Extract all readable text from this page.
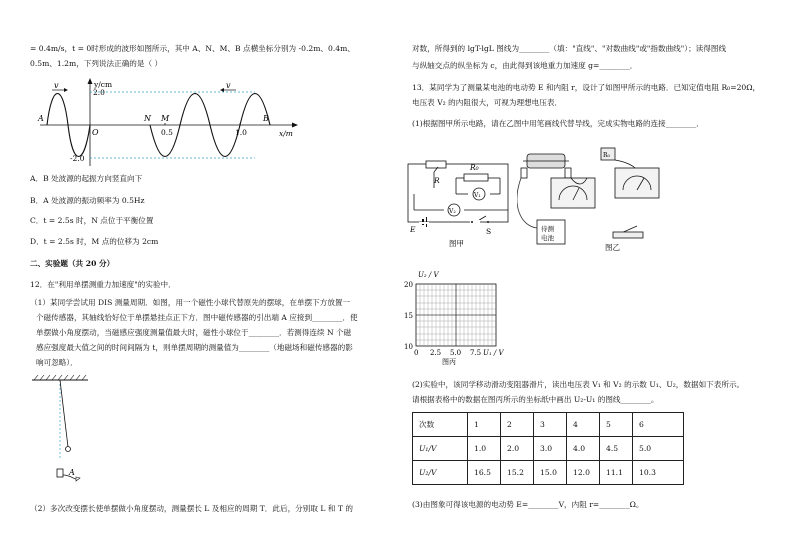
= 0.4m/s，t = 0时形成的波形如图所示，其中 A、N、M、B 点横坐标分别为 -0.2m、0.4m、
0.5m、1.2m，下列说法正确的是（ ）
v	v
y/cm
2.0
-2.0
x/m
O	0.5	1.0
A	N M	B
A．B 处波源的起振方向竖直向下
B．A 处波源的振动频率为 0.5Hz
C．t = 2.5s 时，N 点位于平衡位置
D．t = 2.5s 时，M 点的位移为 2cm
二、实验题（共 20 分）
12．在"利用单摆测重力加速度"的实验中．
（1）某同学尝试用 DIS 测量周期．如图，用一个磁性小球代替原先的摆球，在单摆下方放置一
个磁传感器，其轴线恰好位于单摆悬挂点正下方．图中磁传感器的引出端 A 应接到________．使
单摆做小角度摆动，当磁感应强度测量值最大时，磁性小球位于________．若测得连续 N 个磁
感应强度最大值之间的时间间隔为 t，则单摆周期的测量值为________（地磁场和磁传感器的影
响可忽略）．
A
（2）多次改变摆长使单摆做小角度摆动，测量摆长 L 及相应的周期 T．此后，分别取 L 和 T 的
对数，所得到的 lgT-lgL 图线为________（填："直线"、"对数曲线"或"指数曲线"）；读得图线
与纵轴交点的纵坐标为 c，由此得到该地重力加速度 g=________．
13．某同学为了测量某电池的电动势 E 和内阻 r，设计了如图甲所示的电路．已知定值电阻 R₀=20Ω，
电压表 V₂ 的内阻很大，可视为理想电压表．
(1)根据图甲所示电路，请在乙图中用笔画线代替导线，完成实物电路的连接________．
R
R₀
V₁
V₂
E	S
图甲
R₀
待测
电池
图乙
U₂ / V
20
15
10
0 2.5 5.0 7.5 U₁ / V
图丙
(2)实验中，该同学移动滑动变阻器滑片，读出电压表 V₁ 和 V₂ 的示数 U₁、U₂，数据如下表所示。
请根据表格中的数据在图丙所示的坐标纸中画出 U₂-U₁ 的图线________。
次数	1	2	3	4	5	6
U₁/V	1.0	2.0	3.0	4.0	4.5	5.0
U₂/V	16.5	15.2	15.0	12.0	11.1	10.3
(3)由图象可得该电源的电动势 E=________V，内阻 r=________Ω。
